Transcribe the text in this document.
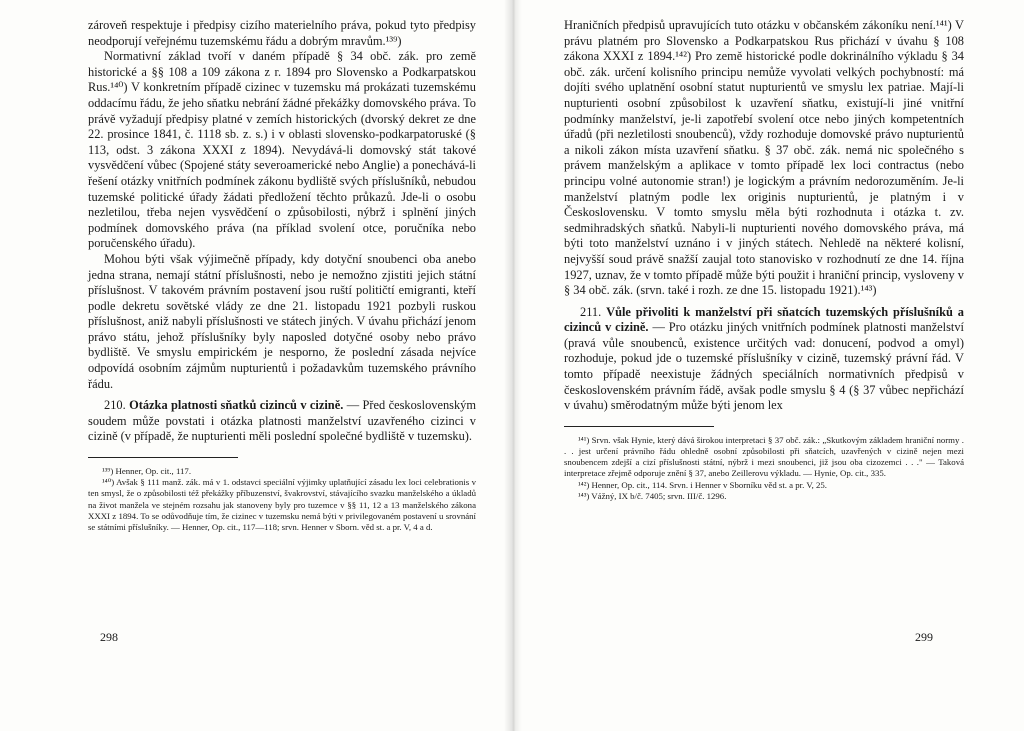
zároveň respektuje i předpisy cizího materielního práva, pokud tyto předpisy neodporují veřejnému tuzemskému řádu a dobrým mravům.¹³⁹)

Normativní základ tvoří v daném případě § 34 obč. zák. pro země historické a §§ 108 a 109 zákona z r. 1894 pro Slovensko a Podkarpatskou Rus.¹⁴⁰) V konkretním případě cizinec v tuzemsku má prokázati tuzemskému oddacímu řádu, že jeho sňatku nebrání žádné překážky domovského práva. To právě vyžadují předpisy platné v zemích historických (dvorský dekret ze dne 22. prosince 1841, č. 1118 sb. z. s.) i v oblasti slovensko-podkarpatoruské (§ 113, odst. 3 zákona XXXI z 1894). Nevydává-li domovský stát takové vysvědčení vůbec (Spojené státy severoamerické nebo Anglie) a ponechává-li řešení otázky vnitřních podmínek zákonu bydliště svých příslušníků, nebudou tuzemské politické úřady žádati předložení těchto průkazů. Jde-li o osobu nezletilou, třeba nejen vysvědčení o způsobilosti, nýbrž i splnění jiných podmínek domovského práva (na příklad svolení otce, poručníka nebo poručenského úřadu).

Mohou býti však výjimečně případy, kdy dotyční snoubenci oba anebo jedna strana, nemají státní příslušnosti, nebo je nemožno zjistiti jejich státní příslušnost. V takovém právním postavení jsou ruští političtí emigranti, kteří podle dekretu sovětské vlády ze dne 21. listopadu 1921 pozbyli ruskou příslušnost, aniž nabyli příslušnosti ve státech jiných. V úvahu přichází jenom právo státu, jehož příslušníky byly naposled dotyčné osoby nebo právo bydliště. Ve smyslu empirickém je nesporno, že poslední zásada nejvíce odpovídá osobním zájmům nupturientů i požadavkům tuzemského právního řádu.

210. Otázka platnosti sňatků cizinců v cizině. — Před československým soudem může povstati i otázka platnosti manželství uzavřeného cizinci v cizině (v případě, že nupturienti měli poslední společné bydliště v tuzemsku).

¹³⁹) Henner, Op. cit., 117.

¹⁴⁰) Avšak § 111 manž. zák. má v 1. odstavci speciální výjimky uplatňující zásadu lex loci celebrationis v ten smysl, že o způsobilosti též překážky příbuzenství, švakrovství, stávajícího svazku manželského a úkladů na život manžela ve stejném rozsahu jak stanoveny byly pro tuzemce v §§ 11, 12 a 13 manželského zákona XXXI z 1894. To se odůvodňuje tím, že cizinec v tuzemsku nemá býti v privilegovaném postavení u srovnání se státními příslušníky. — Henner, Op. cit., 117—118; srvn. Henner v Sborn. věd st. a pr. V, 4 a d.

298

Hraničních předpisů upravujících tuto otázku v občanském zákoníku není.¹⁴¹) V právu platném pro Slovensko a Podkarpatskou Rus přichází v úvahu § 108 zákona XXXI z 1894.¹⁴²) Pro země historické podle dokrinálního výkladu § 34 obč. zák. určení kolisního principu nemůže vyvolati velkých pochybností: má dojíti svého uplatnění osobní statut nupturientů ve smyslu lex patriae. Mají-li nupturienti osobní způsobilost k uzavření sňatku, existují-li jiné vnitřní podmínky manželství, je-li zapotřebí svolení otce nebo jiných kompetentních úřadů (při nezletilosti snoubenců), vždy rozhoduje domovské právo nupturientů a nikoli zákon místa uzavření sňatku. § 37 obč. zák. nemá nic společného s právem manželským a aplikace v tomto případě lex loci contractus (nebo principu volné autonomie stran!) je logickým a právním nedorozuměním. Je-li manželství platným podle lex originis nupturientů, je platným i v Československu. V tomto smyslu měla býti rozhodnuta i otázka t. zv. sedmihradských sňatků. Nabyli-li nupturienti nového domovského práva, má býti toto manželství uznáno i v jiných státech. Nehledě na některé kolisní, nejvyšší soud právě snažší zaujal toto stanovisko v rozhodnutí ze dne 14. října 1927, uznav, že v tomto případě může býti použit i hraniční princip, vysloveny v § 34 obč. zák. (srvn. také i rozh. ze dne 15. listopadu 1921).¹⁴³)

211. Vůle přivoliti k manželství při sňatcích tuzemských příslušníků a cizinců v cizině. — Pro otázku jiných vnitřních podmínek platnosti manželství (pravá vůle snoubenců, existence určitých vad: donucení, podvod a omyl) rozhoduje, pokud jde o tuzemské příslušníky v cizině, tuzemský právní řád. V tomto případě neexistuje žádných speciálních normativních předpisů v československém právním řádě, avšak podle smyslu § 4 (§ 37 vůbec nepřichází v úvahu) směrodatným může býti jenom lex

¹⁴¹) Srvn. však Hynie, který dává širokou interpretaci § 37 obč. zák.: „Skutkovým základem hraniční normy . . . jest určení právního řádu ohledně osobní způsobilosti při sňatcích, uzavřených v cizině nejen mezi snoubencem zdejší a cizí příslušnosti státní, nýbrž i mezi snoubenci, již jsou oba cizozemci . . ." — Taková interpretace zřejmě odporuje znění § 37, anebo Zeillerovu výkladu. — Hynie, Op. cit., 335.

¹⁴²) Henner, Op. cit., 114. Srvn. i Henner v Sborníku věd st. a pr. V, 25.

¹⁴³) Vážný, IX b/č. 7405; srvn. III/č. 1296.

299
